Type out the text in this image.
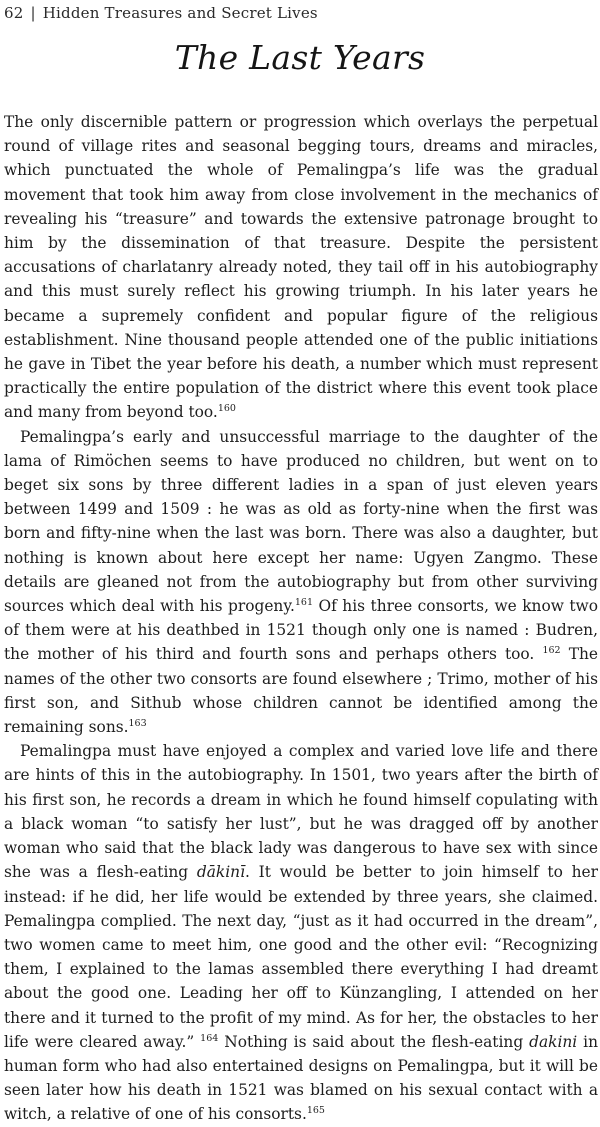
62 | Hidden Treasures and Secret Lives
The Last Years

The only discernible pattern or progression which overlays the perpetual round of village rites and seasonal begging tours, dreams and miracles, which punctuated the whole of Pemalingpa’s life was the gradual movement that took him away from close involvement in the mechanics of revealing his “treasure” and towards the extensive patronage brought to him by the dissemination of that treasure. Despite the persistent accusations of charlatanry already noted, they tail off in his autobiography and this must surely reflect his growing triumph. In his later years he became a supremely confident and popular figure of the religious establishment. Nine thousand people attended one of the public initiations he gave in Tibet the year before his death, a number which must represent practically the entire population of the district where this event took place and many from beyond too.$^{160}$

Pemalingpa’s early and unsuccessful marriage to the daughter of the lama of Rimöchen seems to have produced no children, but went on to beget six sons by three different ladies in a span of just eleven years between 1499 and 1509 : he was as old as forty-nine when the first was born and fifty-nine when the last was born. There was also a daughter, but nothing is known about here except her name: Ugyen Zangmo. These details are gleaned not from the autobiography but from other surviving sources which deal with his progeny.$^{161}$ Of his three consorts, we know two of them were at his deathbed in 1521 though only one is named : Budren, the mother of his third and fourth sons and perhaps others too. $^{162}$ The names of the other two consorts are found elsewhere ; Trimo, mother of his first son, and Sithub whose children cannot be identified among the remaining sons.$^{163}$

Pemalingpa must have enjoyed a complex and varied love life and there are hints of this in the autobiography. In 1501, two years after the birth of his first son, he records a dream in which he found himself copulating with a black woman “to satisfy her lust”, but he was dragged off by another woman who said that the black lady was dangerous to have sex with since she was a flesh-eating dākinī. It would be better to join himself to her instead: if he did, her life would be extended by three years, she claimed. Pemalingpa complied. The next day, “just as it had occurred in the dream”, two women came to meet him, one good and the other evil: “Recognizing them, I explained to the lamas assembled there everything I had dreamt about the good one. Leading her off to Künzangling, I attended on her there and it turned to the profit of my mind. As for her, the obstacles to her life were cleared away.” $^{164}$ Nothing is said about the flesh-eating dakini in human form who had also entertained designs on Pemalingpa, but it will be seen later how his death in 1521 was blamed on his sexual contact with a witch, a relative of one of his consorts.$^{165}$
